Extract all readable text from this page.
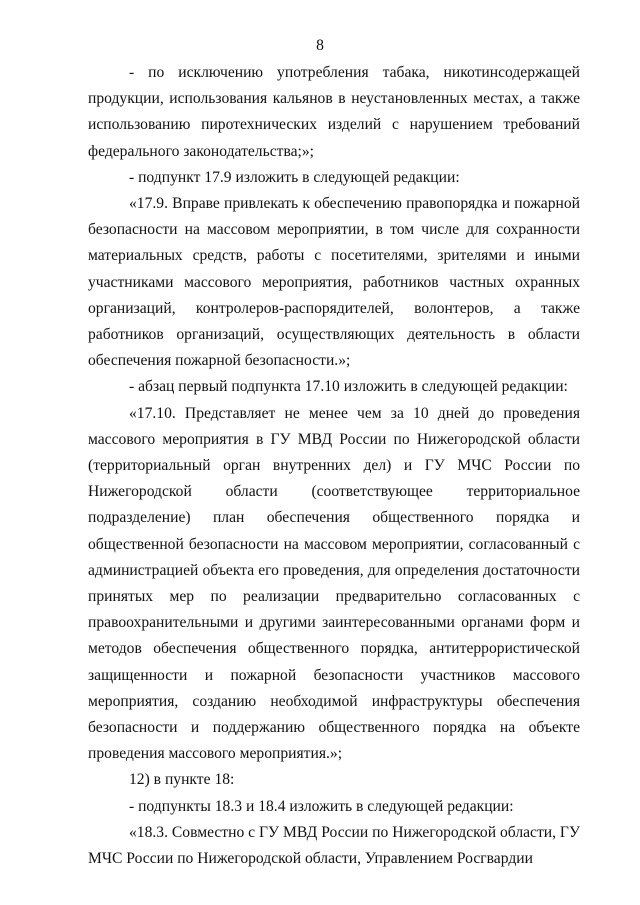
8

- по исключению употребления табака, никотинсодержащей продукции, использования кальянов в неустановленных местах, а также использованию пиротехнических изделий с нарушением требований федерального законодательства;»;

- подпункт 17.9 изложить в следующей редакции:

«17.9. Вправе привлекать к обеспечению правопорядка и пожарной безопасности на массовом мероприятии, в том числе для сохранности материальных средств, работы с посетителями, зрителями и иными участниками массового мероприятия, работников частных охранных организаций, контролеров-распорядителей, волонтеров, а также работников организаций, осуществляющих деятельность в области обеспечения пожарной безопасности.»;

- абзац первый подпункта 17.10 изложить в следующей редакции:

«17.10. Представляет не менее чем за 10 дней до проведения массового мероприятия в ГУ МВД России по Нижегородской области (территориальный орган внутренних дел) и ГУ МЧС России по Нижегородской области (соответствующее территориальное подразделение) план обеспечения общественного порядка и общественной безопасности на массовом мероприятии, согласованный с администрацией объекта его проведения, для определения достаточности принятых мер по реализации предварительно согласованных с правоохранительными и другими заинтересованными органами форм и методов обеспечения общественного порядка, антитеррористической защищенности и пожарной безопасности участников массового мероприятия, созданию необходимой инфраструктуры обеспечения безопасности и поддержанию общественного порядка на объекте проведения массового мероприятия.»;

12) в пункте 18:

- подпункты 18.3 и 18.4 изложить в следующей редакции:

«18.3. Совместно с ГУ МВД России по Нижегородской области, ГУ МЧС России по Нижегородской области, Управлением Росгвардии
